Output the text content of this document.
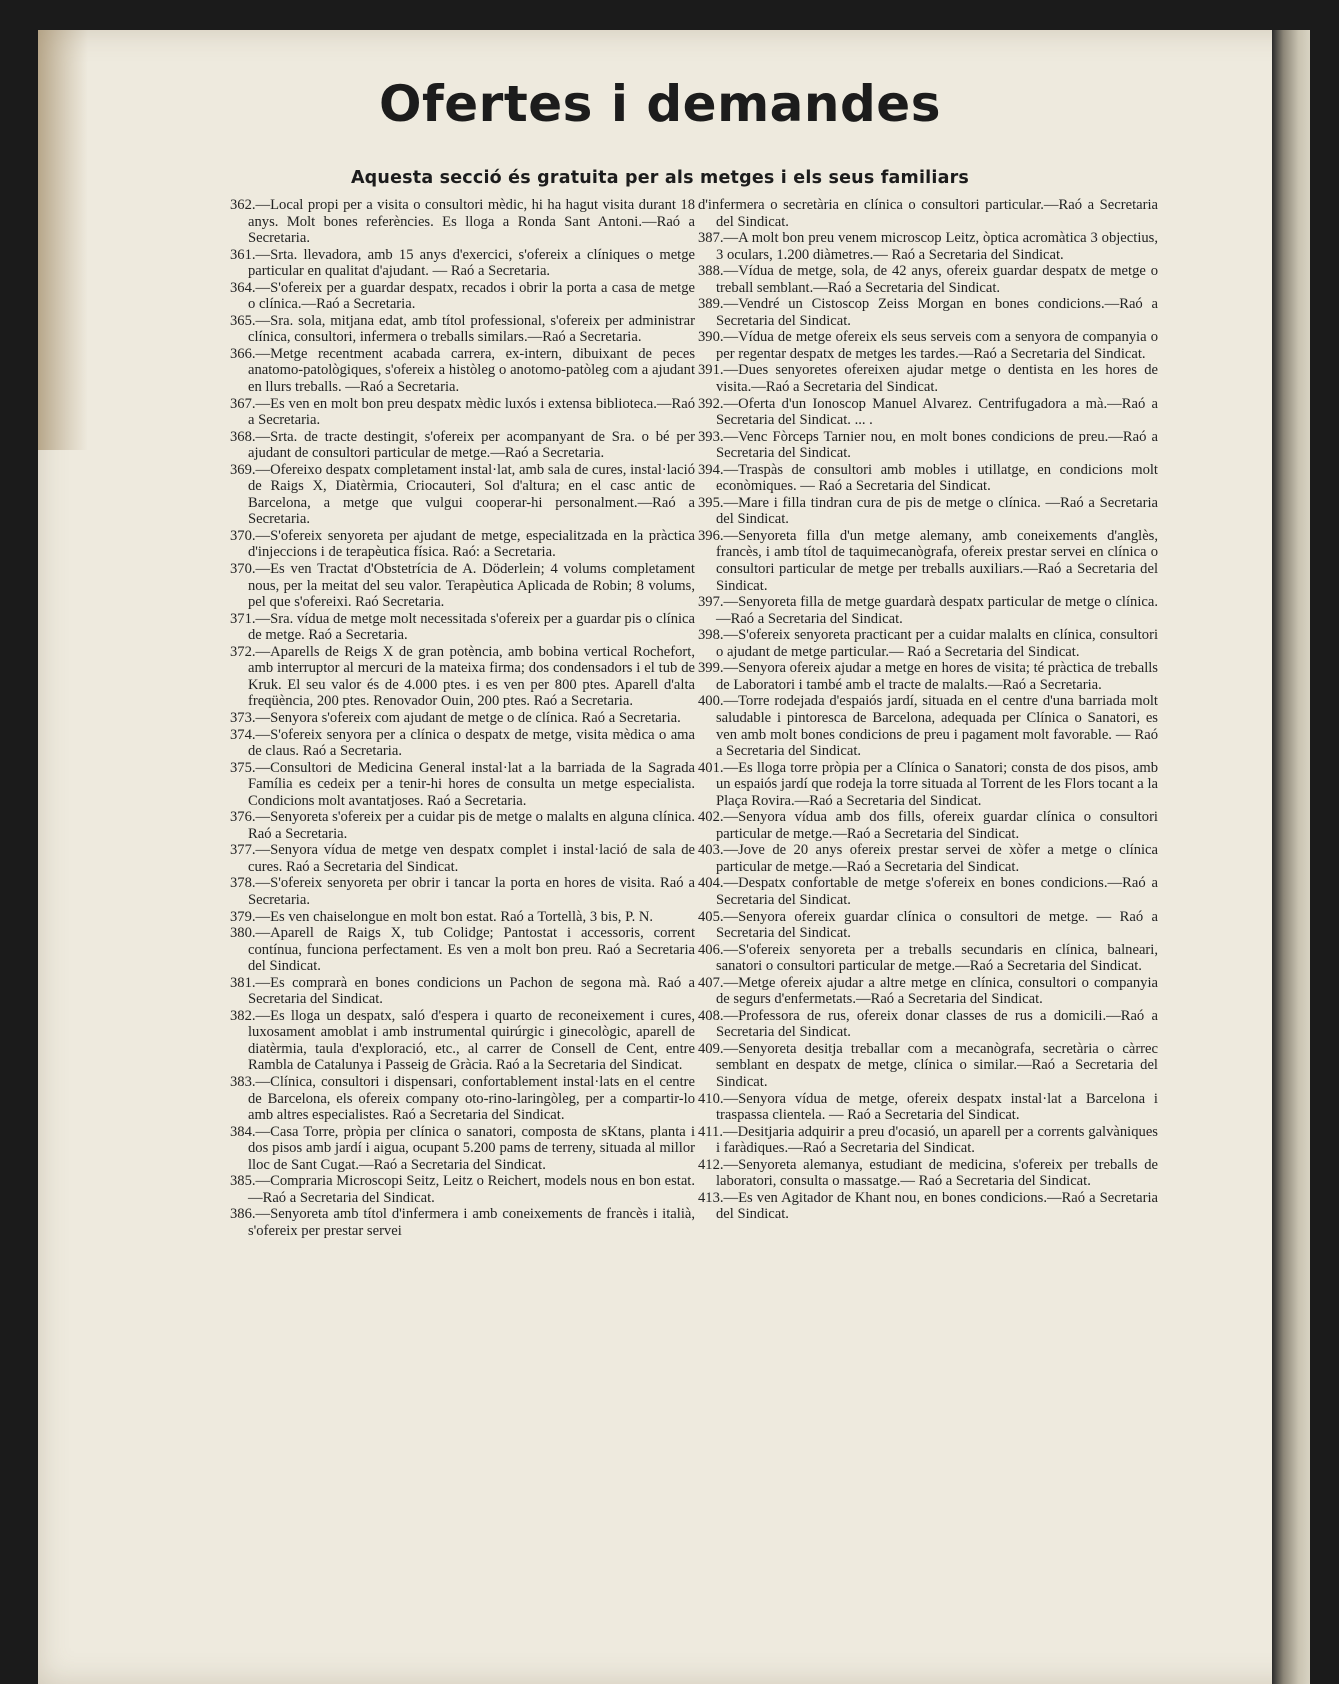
Ofertes i demandes
Aquesta secció és gratuita per als metges i els seus familiars

362.—Local propi per a visita o consultori mèdic, hi ha hagut visita durant 18 anys. Molt bones referències. Es lloga a Ronda Sant Antoni.—Raó a Secretaria.

361.—Srta. llevadora, amb 15 anys d'exercici, s'ofereix a clíniques o metge particular en qualitat d'ajudant. — Raó a Secretaria.

364.—S'ofereix per a guardar despatx, recados i obrir la porta a casa de metge o clínica.—Raó a Secretaria.

365.—Sra. sola, mitjana edat, amb títol professional, s'ofereix per administrar clínica, consultori, infermera o treballs similars.—Raó a Secretaria.

366.—Metge recentment acabada carrera, ex-intern, dibuixant de peces anatomo-patològiques, s'ofereix a històleg o anotomo-patòleg com a ajudant en llurs treballs. —Raó a Secretaria.

367.—Es ven en molt bon preu despatx mèdic luxós i extensa biblioteca.—Raó a Secretaria.

368.—Srta. de tracte destingit, s'ofereix per acompanyant de Sra. o bé per ajudant de consultori particular de metge.—Raó a Secretaria.

369.—Ofereixo despatx completament instal·lat, amb sala de cures, instal·lació de Raigs X, Diatèrmia, Criocauteri, Sol d'altura; en el casc antic de Barcelona, a metge que vulgui cooperar-hi personalment.—Raó a Secretaria.

370.—S'ofereix senyoreta per ajudant de metge, especialitzada en la pràctica d'injeccions i de terapèutica física. Raó: a Secretaria.

370.—Es ven Tractat d'Obstetrícia de A. Döderlein; 4 volums completament nous, per la meitat del seu valor. Terapèutica Aplicada de Robin; 8 volums, pel que s'ofereixi. Raó Secretaria.

371.—Sra. vídua de metge molt necessitada s'ofereix per a guardar pis o clínica de metge. Raó a Secretaria.

372.—Aparells de Reigs X de gran potència, amb bobina vertical Rochefort, amb interruptor al mercuri de la mateixa firma; dos condensadors i el tub de Kruk. El seu valor és de 4.000 ptes. i es ven per 800 ptes. Aparell d'alta freqüència, 200 ptes. Renovador Ouin, 200 ptes. Raó a Secretaria.

373.—Senyora s'ofereix com ajudant de metge o de clínica. Raó a Secretaria.

374.—S'ofereix senyora per a clínica o despatx de metge, visita mèdica o ama de claus. Raó a Secretaria.

375.—Consultori de Medicina General instal·lat a la barriada de la Sagrada Família es cedeix per a tenir-hi hores de consulta un metge especialista. Condicions molt avantatjoses. Raó a Secretaria.

376.—Senyoreta s'ofereix per a cuidar pis de metge o malalts en alguna clínica. Raó a Secretaria.

377.—Senyora vídua de metge ven despatx complet i instal·lació de sala de cures. Raó a Secretaria del Sindicat.

378.—S'ofereix senyoreta per obrir i tancar la porta en hores de visita. Raó a Secretaria.

379.—Es ven chaiselongue en molt bon estat. Raó a Tortellà, 3 bis, P. N.

380.—Aparell de Raigs X, tub Colidge; Pantostat i accessoris, corrent contínua, funciona perfectament. Es ven a molt bon preu. Raó a Secretaria del Sindicat.

381.—Es comprarà en bones condicions un Pachon de segona mà. Raó a Secretaria del Sindicat.

382.—Es lloga un despatx, saló d'espera i quarto de reconeixement i cures, luxosament amoblat i amb instrumental quirúrgic i ginecològic, aparell de diatèrmia, taula d'exploració, etc., al carrer de Consell de Cent, entre Rambla de Catalunya i Passeig de Gràcia. Raó a la Secretaria del Sindicat.

383.—Clínica, consultori i dispensari, confortablement instal·lats en el centre de Barcelona, els ofereix company oto-rino-laringòleg, per a compartir-lo amb altres especialistes. Raó a Secretaria del Sindicat.

384.—Casa Torre, pròpia per clínica o sanatori, composta de sKtans, planta i dos pisos amb jardí i aigua, ocupant 5.200 pams de terreny, situada al millor lloc de Sant Cugat.—Raó a Secretaria del Sindicat.

385.—Compraria Microscopi Seitz, Leitz o Reichert, models nous en bon estat.—Raó a Secretaria del Sindicat.

386.—Senyoreta amb títol d'infermera i amb coneixements de francès i italià, s'ofereix per prestar servei

d'infermera o secretària en clínica o consultori particular.—Raó a Secretaria del Sindicat.

387.—A molt bon preu venem microscop Leitz, òptica acromàtica 3 objectius, 3 oculars, 1.200 diàmetres.— Raó a Secretaria del Sindicat.

388.—Vídua de metge, sola, de 42 anys, ofereix guardar despatx de metge o treball semblant.—Raó a Secretaria del Sindicat.

389.—Vendré un Cistoscop Zeiss Morgan en bones condicions.—Raó a Secretaria del Sindicat.

390.—Vídua de metge ofereix els seus serveis com a senyora de companyia o per regentar despatx de metges les tardes.—Raó a Secretaria del Sindicat.

391.—Dues senyoretes ofereixen ajudar metge o dentista en les hores de visita.—Raó a Secretaria del Sindicat.

392.—Oferta d'un Ionoscop Manuel Alvarez. Centrifugadora a mà.—Raó a Secretaria del Sindicat. ... .

393.—Venc Fòrceps Tarnier nou, en molt bones condicions de preu.—Raó a Secretaria del Sindicat.

394.—Traspàs de consultori amb mobles i utillatge, en condicions molt econòmiques. — Raó a Secretaria del Sindicat.

395.—Mare i filla tindran cura de pis de metge o clínica. —Raó a Secretaria del Sindicat.

396.—Senyoreta filla d'un metge alemany, amb coneixements d'anglès, francès, i amb títol de taquimecanògrafa, ofereix prestar servei en clínica o consultori particular de metge per treballs auxiliars.—Raó a Secretaria del Sindicat.

397.—Senyoreta filla de metge guardarà despatx particular de metge o clínica.—Raó a Secretaria del Sindicat.

398.—S'ofereix senyoreta practicant per a cuidar malalts en clínica, consultori o ajudant de metge particular.— Raó a Secretaria del Sindicat.

399.—Senyora ofereix ajudar a metge en hores de visita; té pràctica de treballs de Laboratori i també amb el tracte de malalts.—Raó a Secretaria.

400.—Torre rodejada d'espaiós jardí, situada en el centre d'una barriada molt saludable i pintoresca de Barcelona, adequada per Clínica o Sanatori, es ven amb molt bones condicions de preu i pagament molt favorable. — Raó a Secretaria del Sindicat.

401.—Es lloga torre pròpia per a Clínica o Sanatori; consta de dos pisos, amb un espaiós jardí que rodeja la torre situada al Torrent de les Flors tocant a la Plaça Rovira.—Raó a Secretaria del Sindicat.

402.—Senyora vídua amb dos fills, ofereix guardar clínica o consultori particular de metge.—Raó a Secretaria del Sindicat.

403.—Jove de 20 anys ofereix prestar servei de xòfer a metge o clínica particular de metge.—Raó a Secretaria del Sindicat.

404.—Despatx confortable de metge s'ofereix en bones condicions.—Raó a Secretaria del Sindicat.

405.—Senyora ofereix guardar clínica o consultori de metge. — Raó a Secretaria del Sindicat.

406.—S'ofereix senyoreta per a treballs secundaris en clínica, balneari, sanatori o consultori particular de metge.—Raó a Secretaria del Sindicat.

407.—Metge ofereix ajudar a altre metge en clínica, consultori o companyia de segurs d'enfermetats.—Raó a Secretaria del Sindicat.

408.—Professora de rus, ofereix donar classes de rus a domicili.—Raó a Secretaria del Sindicat.

409.—Senyoreta desitja treballar com a mecanògrafa, secretària o càrrec semblant en despatx de metge, clínica o similar.—Raó a Secretaria del Sindicat.

410.—Senyora vídua de metge, ofereix despatx instal·lat a Barcelona i traspassa clientela. — Raó a Secretaria del Sindicat.

411.—Desitjaria adquirir a preu d'ocasió, un aparell per a corrents galvàniques i faràdiques.—Raó a Secretaria del Sindicat.

412.—Senyoreta alemanya, estudiant de medicina, s'ofereix per treballs de laboratori, consulta o massatge.— Raó a Secretaria del Sindicat.

413.—Es ven Agitador de Khant nou, en bones condicions.—Raó a Secretaria del Sindicat.
